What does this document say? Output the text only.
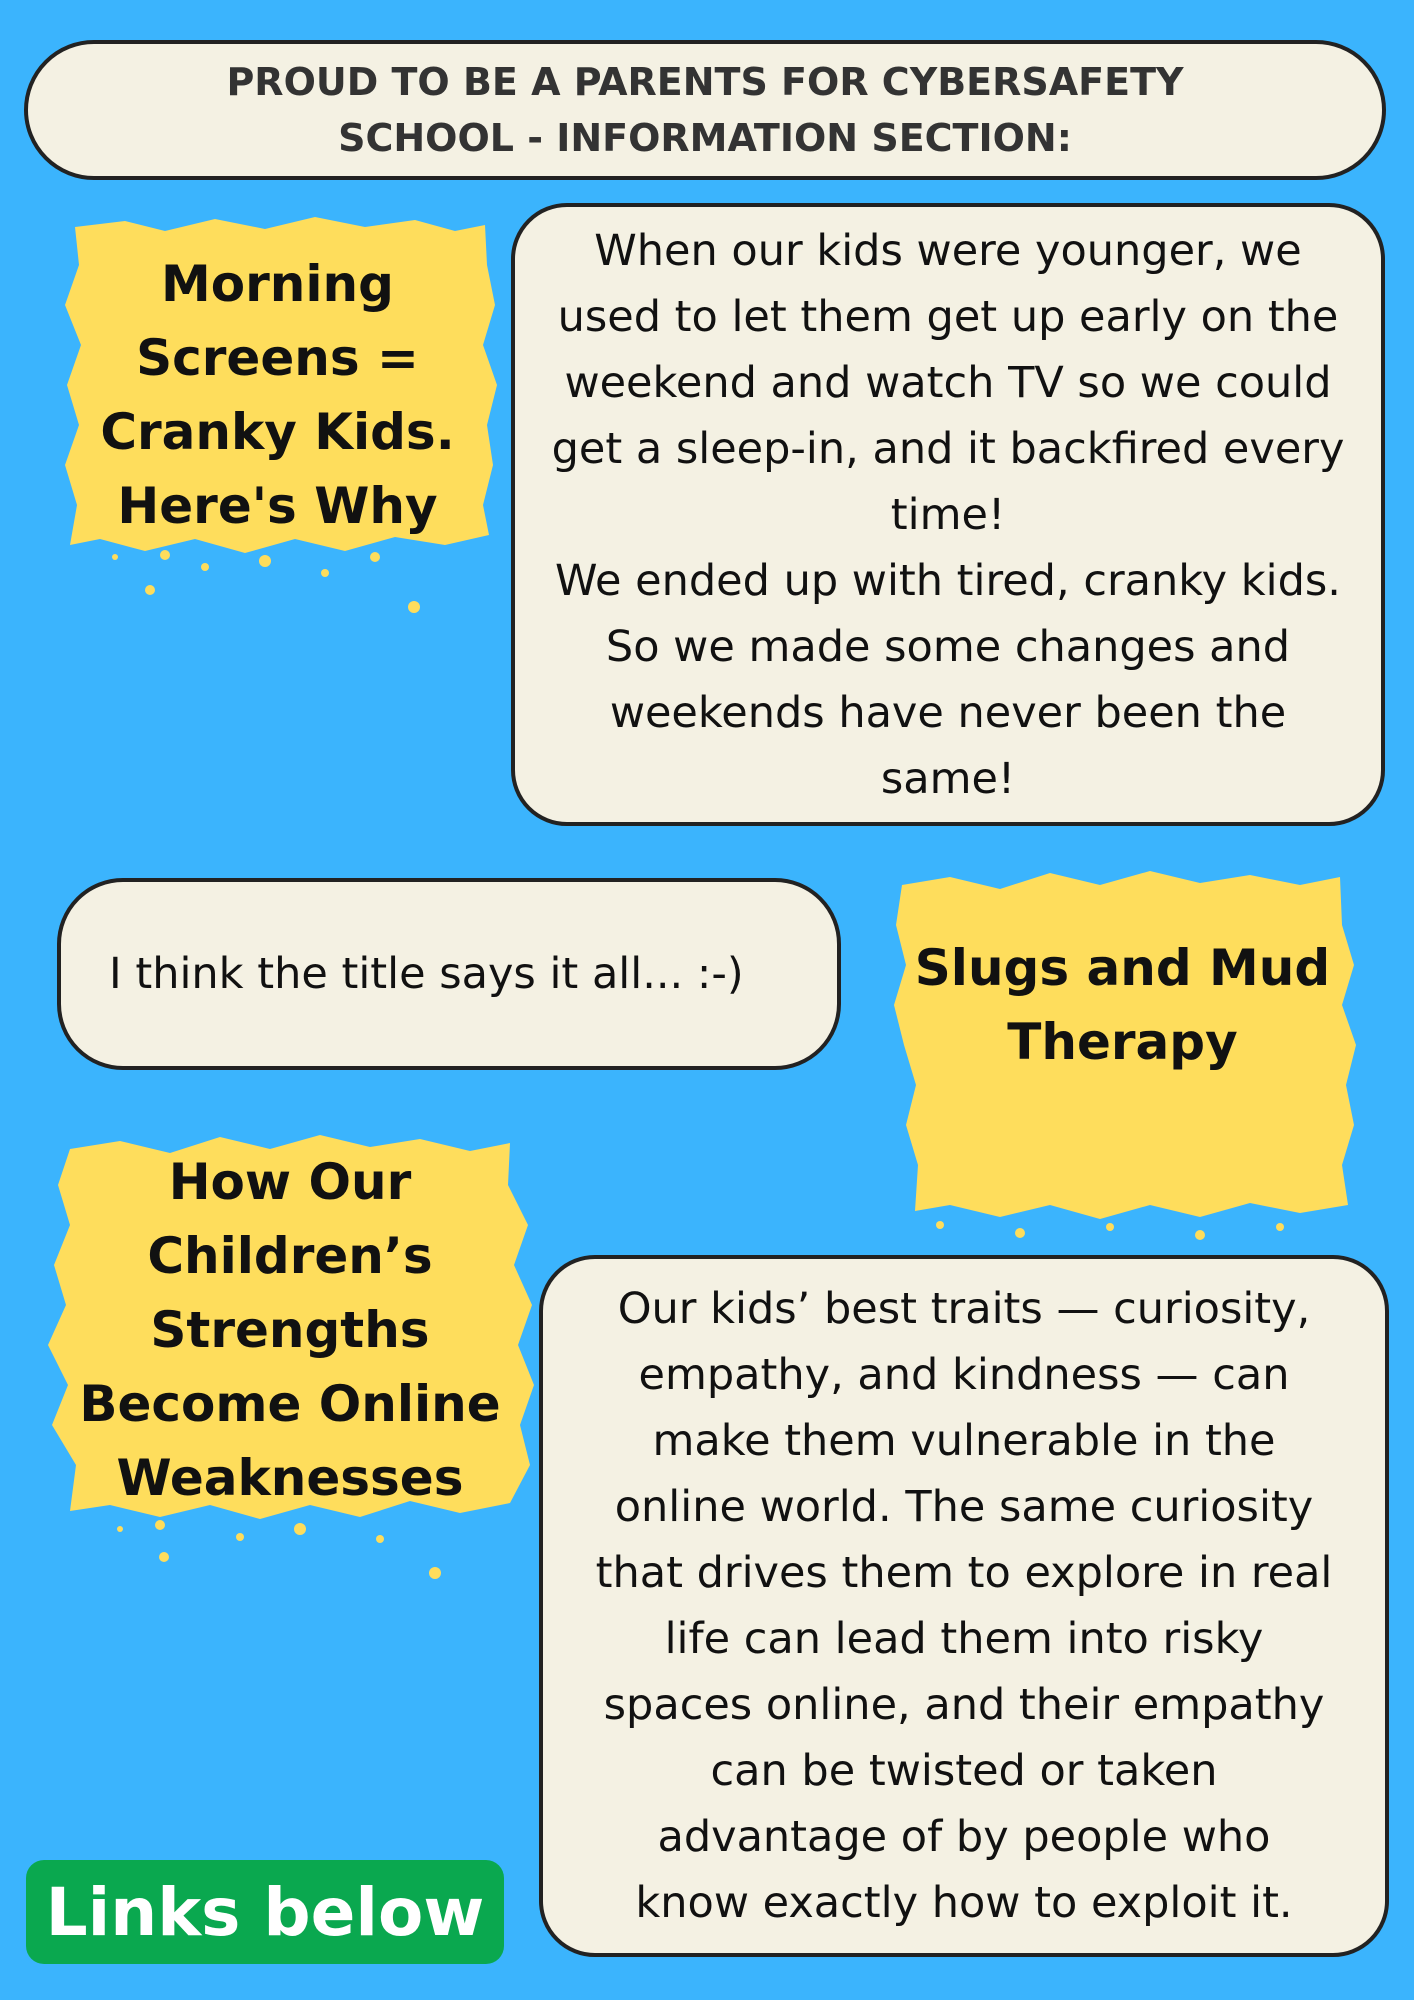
PROUD TO BE A PARENTS FOR CYBERSAFETY
SCHOOL - INFORMATION SECTION:
Morning
Screens =
Cranky Kids.
Here's Why
When our kids were younger, we
used to let them get up early on the
weekend and watch TV so we could
get a sleep-in, and it backfired every
time!
We ended up with tired, cranky kids.
So we made some changes and
weekends have never been the
same!
I think the title says it all... :-)	Slugs and Mud
Therapy
How Our
Children’s
Strengths
Become Online
Weaknesses
Our kids’ best traits — curiosity,
empathy, and kindness — can
make them vulnerable in the
online world. The same curiosity
that drives them to explore in real
life can lead them into risky
spaces online, and their empathy
can be twisted or taken
advantage of by people who
know exactly how to exploit it.
Links below
